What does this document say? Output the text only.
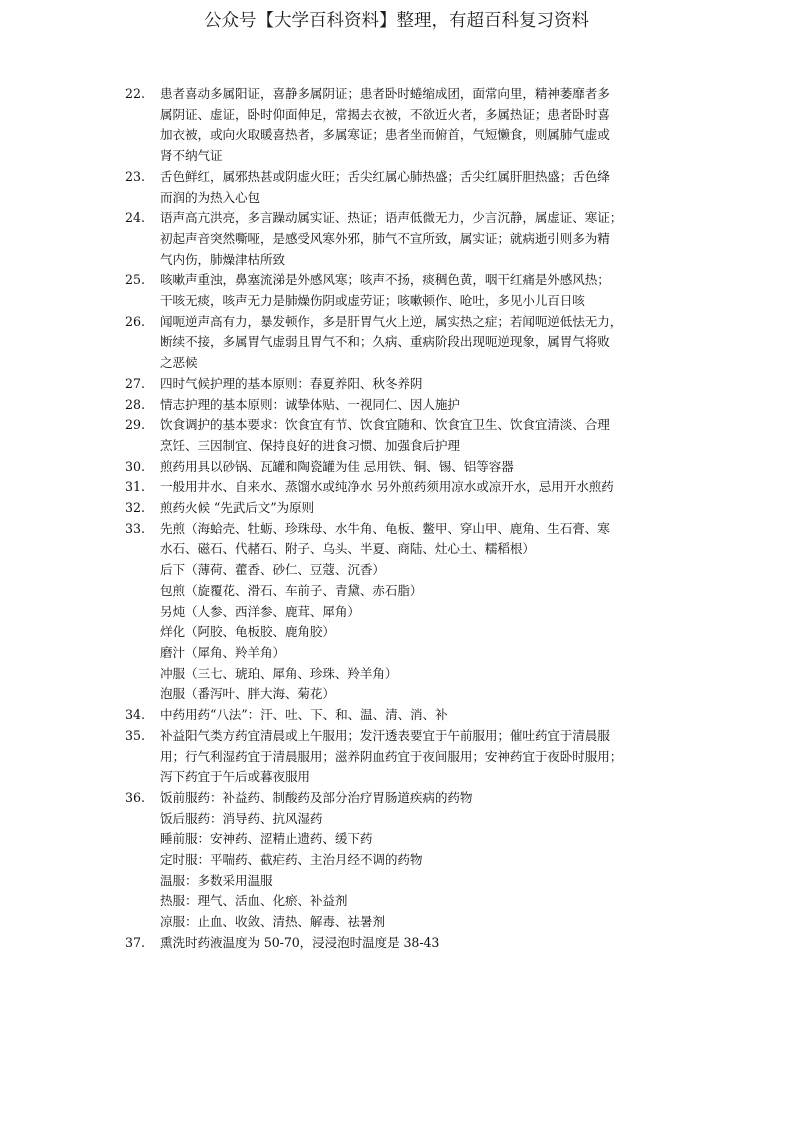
公众号【大学百科资料】整理，有超百科复习资料
22.	患者喜动多属阳证，喜静多属阴证；患者卧时蜷缩成团，面常向里，精神萎靡者多
属阴证、虚证，卧时仰面伸足，常揭去衣被，不欲近火者，多属热证；患者卧时喜
加衣被，或向火取暖喜热者，多属寒证；患者坐而俯首，气短懒食，则属肺气虚或
肾不纳气证
23.	舌色鲜红，属邪热甚或阴虚火旺；舌尖红属心肺热盛；舌尖红属肝胆热盛；舌色绛
而润的为热入心包
24.	语声高亢洪亮，多言躁动属实证、热证；语声低微无力，少言沉静，属虚证、寒证；
初起声音突然嘶哑，是感受风寒外邪，肺气不宣所致，属实证；就病逝引则多为精
气内伤，肺燥津枯所致
25.	咳嗽声重浊，鼻塞流涕是外感风寒；咳声不扬，痰稠色黄，咽干红痛是外感风热；
干咳无痰，咳声无力是肺燥伤阴或虚劳证；咳嗽顿作、呛吐，多见小儿百日咳
26.	闻呃逆声高有力，暴发顿作，多是肝胃气火上逆，属实热之症；若闻呃逆低怯无力，
断续不接，多属胃气虚弱且胃气不和；久病、重病阶段出现呃逆现象，属胃气将败
之恶候
27.	四时气候护理的基本原则：春夏养阳、秋冬养阴
28.	情志护理的基本原则：诚挚体贴、一视同仁、因人施护
29.	饮食调护的基本要求：饮食宜有节、饮食宜随和、饮食宜卫生、饮食宜清淡、合理
烹饪、三因制宜、保持良好的进食习惯、加强食后护理
30.	煎药用具以砂锅、瓦罐和陶瓷罐为佳 忌用铁、铜、锡、铝等容器
31.	一般用井水、自来水、蒸馏水或纯净水 另外煎药须用凉水或凉开水，忌用开水煎药
32.	煎药火候 “先武后文”为原则
33.	先煎（海蛤壳、牡蛎、珍珠母、水牛角、龟板、鳖甲、穿山甲、鹿角、生石膏、寒
水石、磁石、代赭石、附子、乌头、半夏、商陆、灶心土、糯稻根）
后下（薄荷、藿香、砂仁、豆蔻、沉香）
包煎（旋覆花、滑石、车前子、青黛、赤石脂）
另炖（人参、西洋参、鹿茸、犀角）
烊化（阿胶、龟板胶、鹿角胶）
磨汁（犀角、羚羊角）
冲服（三七、琥珀、犀角、珍珠、羚羊角）
泡服（番泻叶、胖大海、菊花）
34.	中药用药“八法”：汗、吐、下、和、温、清、消、补
35.	补益阳气类方药宜清晨或上午服用；发汗透表要宜于午前服用；催吐药宜于清晨服
用；行气利湿药宜于清晨服用；滋养阴血药宜于夜间服用；安神药宜于夜卧时服用；
泻下药宜于午后或暮夜服用
36.	饭前服药：补益药、制酸药及部分治疗胃肠道疾病的药物
饭后服药：消导药、抗风湿药
睡前服：安神药、涩精止遗药、缓下药
定时服：平喘药、截疟药、主治月经不调的药物
温服：多数采用温服
热服：理气、活血、化瘀、补益剂
凉服：止血、收敛、清热、解毒、祛暑剂
37.	熏洗时药液温度为 50-70，浸浸泡时温度是 38-43
